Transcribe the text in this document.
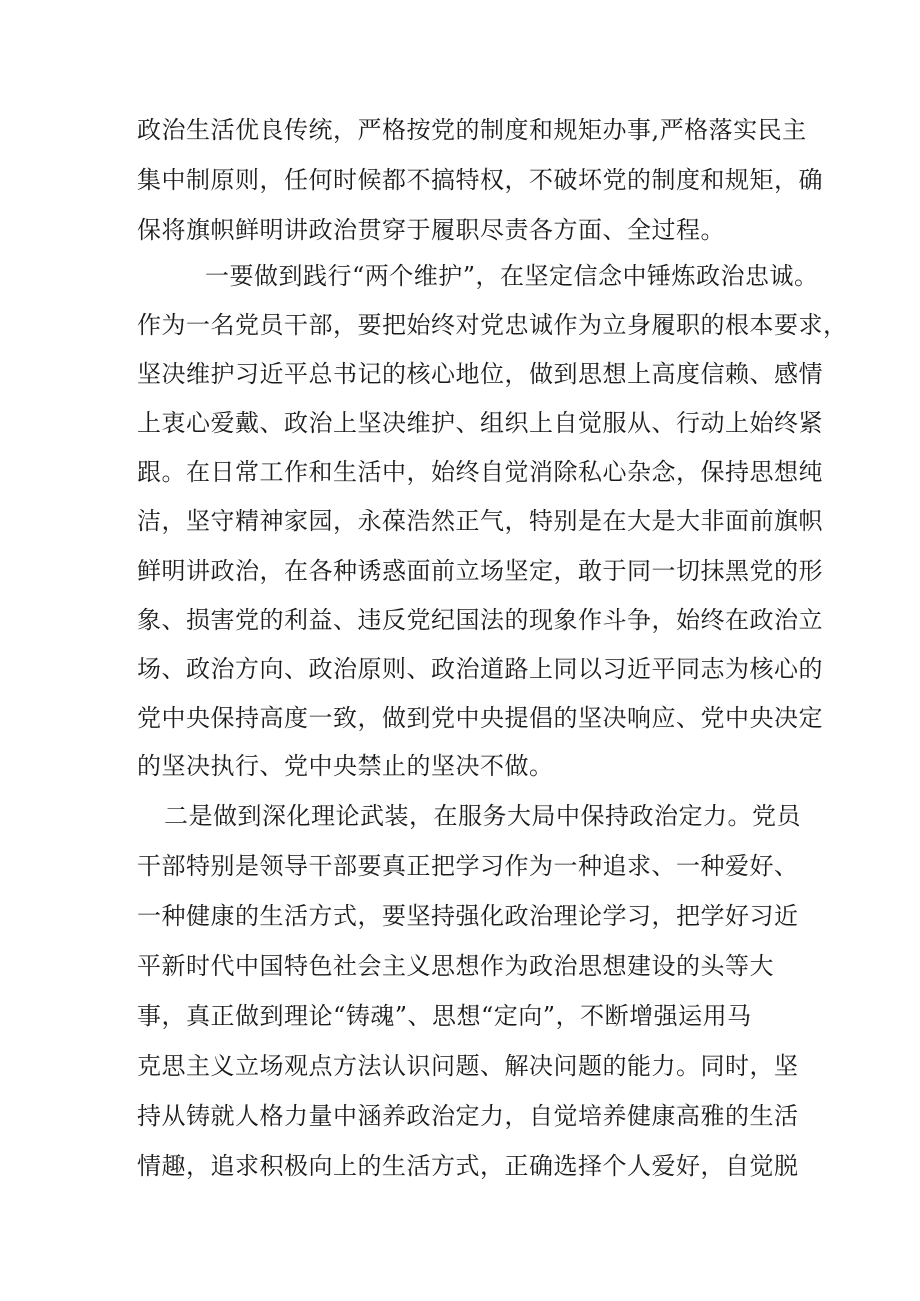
政治生活优良传统，严格按党的制度和规矩办事,严格落实民主
集中制原则，任何时候都不搞特权，不破坏党的制度和规矩，确
保将旗帜鲜明讲政治贯穿于履职尽责各方面、全过程。
一要做到践行“两个维护”，在坚定信念中锤炼政治忠诚。
作为一名党员干部，要把始终对党忠诚作为立身履职的根本要求，
坚决维护习近平总书记的核心地位，做到思想上高度信赖、感情
上衷心爱戴、政治上坚决维护、组织上自觉服从、行动上始终紧
跟。在日常工作和生活中，始终自觉消除私心杂念，保持思想纯
洁，坚守精神家园，永葆浩然正气，特别是在大是大非面前旗帜
鲜明讲政治，在各种诱惑面前立场坚定，敢于同一切抹黑党的形
象、损害党的利益、违反党纪国法的现象作斗争，始终在政治立
场、政治方向、政治原则、政治道路上同以习近平同志为核心的
党中央保持高度一致，做到党中央提倡的坚决响应、党中央决定
的坚决执行、党中央禁止的坚决不做。
二是做到深化理论武装，在服务大局中保持政治定力。党员
干部特别是领导干部要真正把学习作为一种追求、一种爱好、
一种健康的生活方式，要坚持强化政治理论学习，把学好习近
平新时代中国特色社会主义思想作为政治思想建设的头等大
事，真正做到理论“铸魂”、思想“定向”，不断增强运用马
克思主义立场观点方法认识问题、解决问题的能力。同时，坚
持从铸就人格力量中涵养政治定力，自觉培养健康高雅的生活
情趣，追求积极向上的生活方式，正确选择个人爱好，自觉脱
